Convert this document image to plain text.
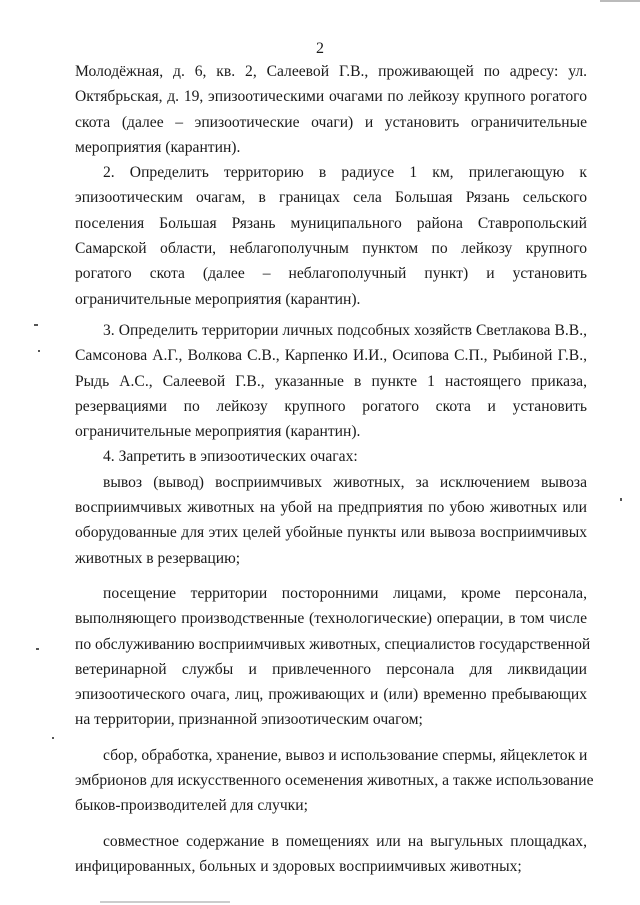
2
Молодёжная, д. 6, кв. 2, Салеевой Г.В., проживающей по адресу: ул.
Октябрьская, д. 19, эпизоотическими очагами по лейкозу крупного рогатого
скота (далее – эпизоотические очаги) и установить ограничительные
мероприятия (карантин).
2. Определить территорию в радиусе 1 км, прилегающую к
эпизоотическим очагам, в границах села Большая Рязань сельского
поселения Большая Рязань муниципального района Ставропольский
Самарской области, неблагополучным пунктом по лейкозу крупного
рогатого скота (далее – неблагополучный пункт) и установить
ограничительные мероприятия (карантин).
3. Определить территории личных подсобных хозяйств Светлакова В.В.,
Самсонова А.Г., Волкова С.В., Карпенко И.И., Осипова С.П., Рыбиной Г.В.,
Рыдь А.С., Салеевой Г.В., указанные в пункте 1 настоящего приказа,
резервациями по лейкозу крупного рогатого скота и установить
ограничительные мероприятия (карантин).
4. Запретить в эпизоотических очагах:
вывоз (вывод) восприимчивых животных, за исключением вывоза
восприимчивых животных на убой на предприятия по убою животных или
оборудованные для этих целей убойные пункты или вывоза восприимчивых
животных в резервацию;
посещение территории посторонними лицами, кроме персонала,
выполняющего производственные (технологические) операции, в том числе
по обслуживанию восприимчивых животных, специалистов государственной
ветеринарной службы и привлеченного персонала для ликвидации
эпизоотического очага, лиц, проживающих и (или) временно пребывающих
на территории, признанной эпизоотическим очагом;
сбор, обработка, хранение, вывоз и использование спермы, яйцеклеток и
эмбрионов для искусственного осеменения животных, а также использование
быков-производителей для случки;
совместное содержание в помещениях или на выгульных площадках,
инфицированных, больных и здоровых восприимчивых животных;
